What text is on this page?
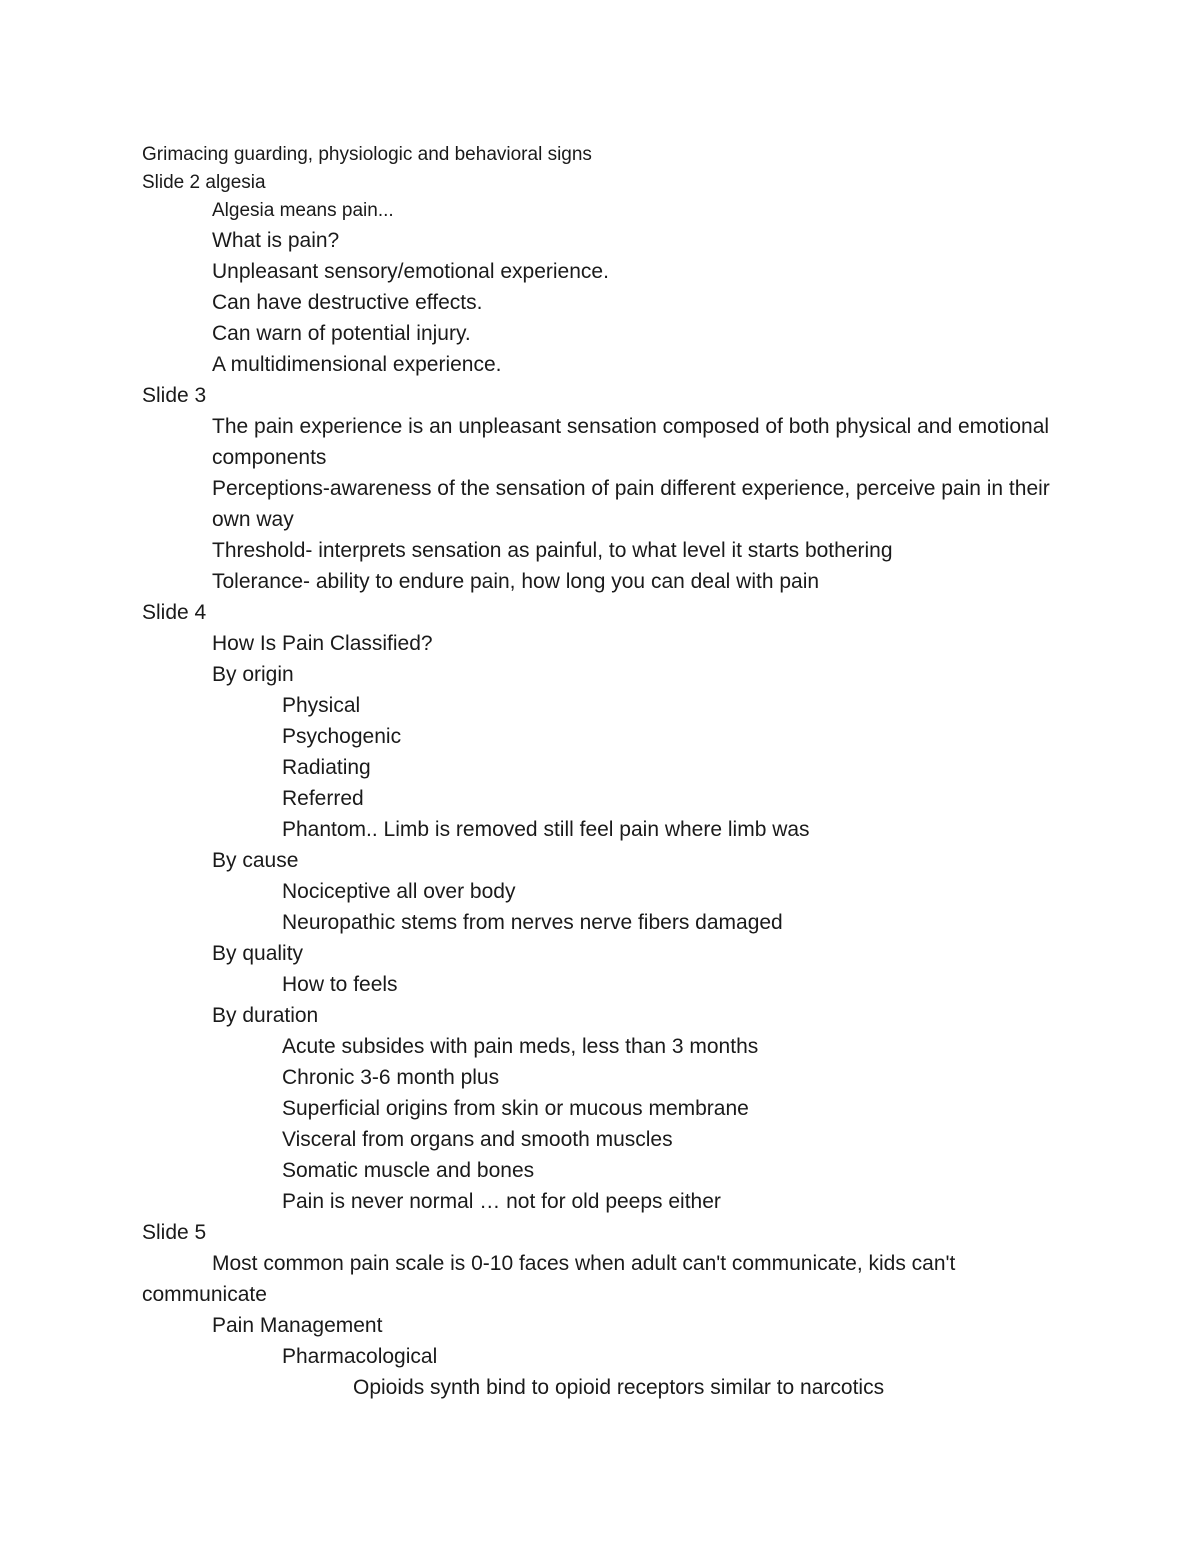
Grimacing guarding, physiologic and behavioral signs
Slide 2 algesia
Algesia means pain...
What is pain?
Unpleasant sensory/emotional experience.
Can have destructive effects.
Can warn of potential injury.
A multidimensional experience.
Slide 3
The pain experience is an unpleasant sensation composed of both physical and emotional components
Perceptions-awareness of the sensation of pain different experience, perceive pain in their own way
Threshold- interprets sensation as painful, to what level it starts bothering
Tolerance- ability to endure pain, how long you can deal with pain
Slide 4
How Is Pain Classified?
By origin
Physical
Psychogenic
Radiating
Referred
Phantom.. Limb is removed still feel pain where limb was
By cause
Nociceptive all over body
Neuropathic stems from nerves nerve fibers damaged
By quality
How to feels
By duration
Acute subsides with pain meds, less than 3 months
Chronic 3-6 month plus
Superficial origins from skin or mucous membrane
Visceral from organs and smooth muscles
Somatic muscle and bones
Pain is never normal … not for old peeps either
Slide 5
Most common pain scale is 0-10 faces when adult can't communicate, kids can't communicate
Pain Management
Pharmacological
Opioids synth bind to opioid receptors similar to narcotics
